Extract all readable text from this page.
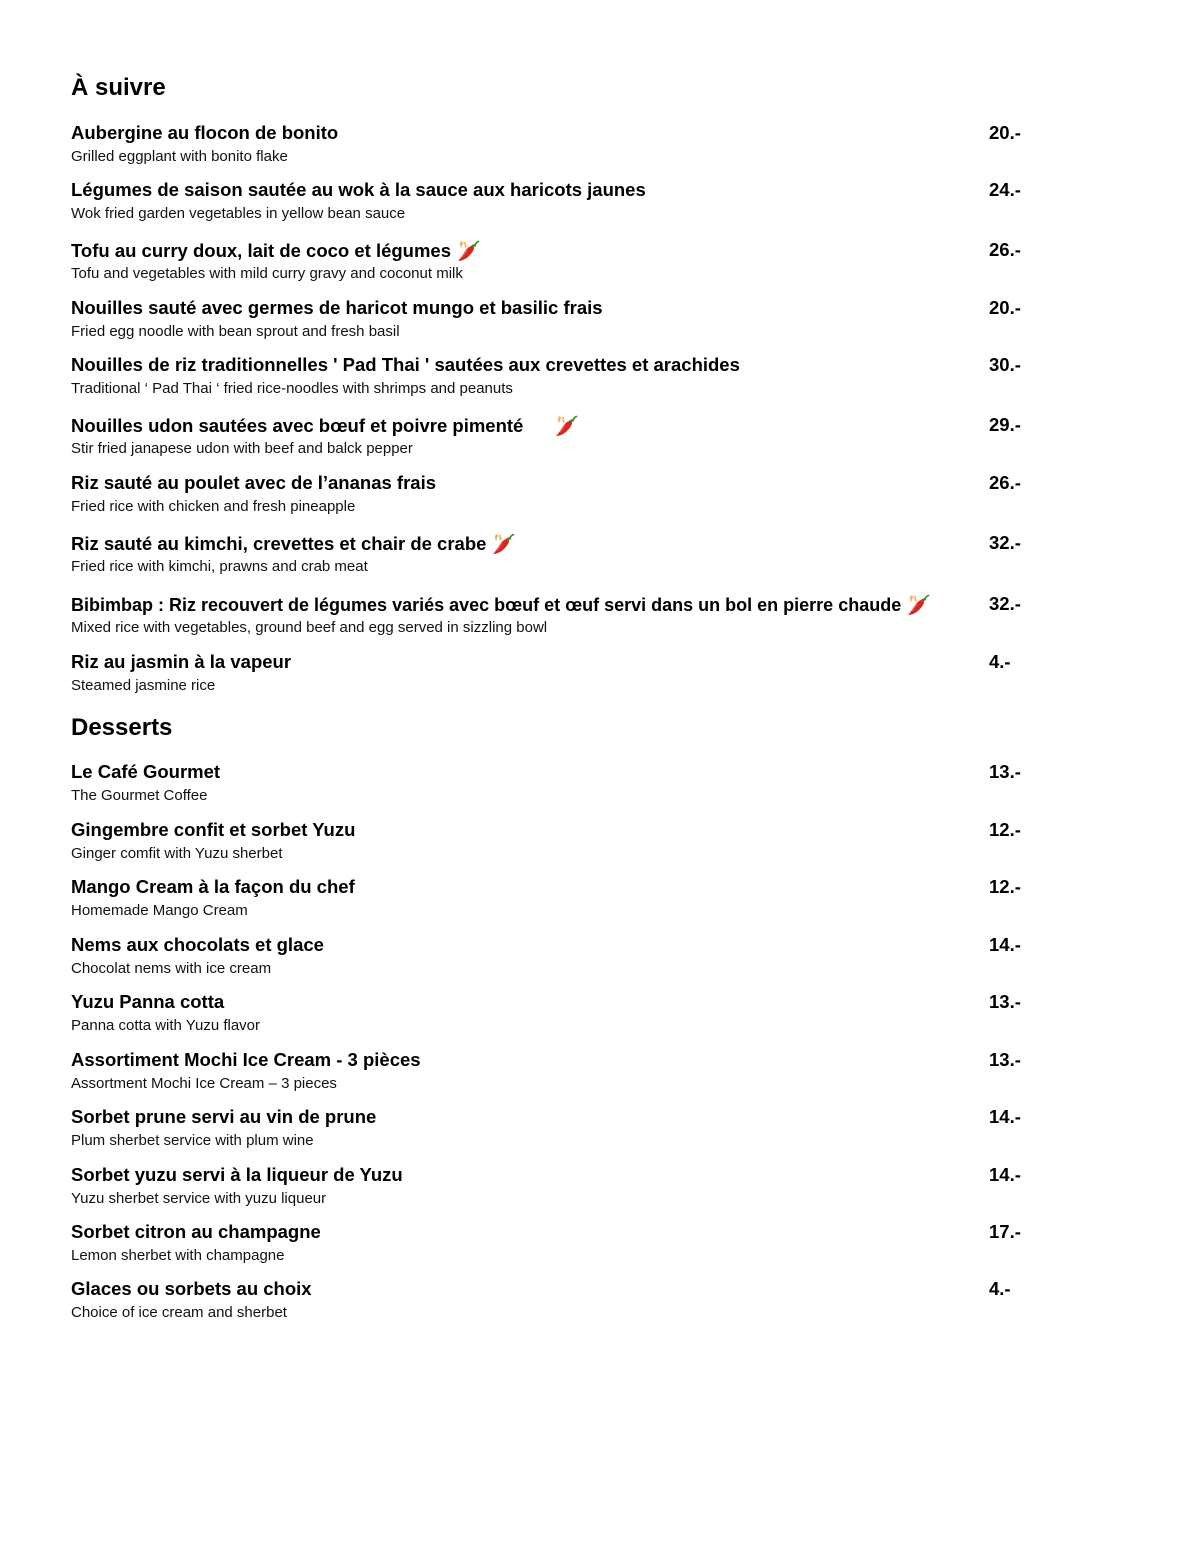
À suivre
Aubergine au flocon de bonito
Grilled eggplant with bonito flake
20.-
Légumes de saison sautée au wok à la sauce aux haricots jaunes
Wok fried garden vegetables in yellow bean sauce
24.-
Tofu au curry doux, lait de coco et légumes
Tofu and vegetables with mild curry gravy and coconut milk
26.-
Nouilles sauté avec germes de haricot mungo et basilic frais
Fried egg noodle with bean sprout and fresh basil
20.-
Nouilles de riz traditionnelles ' Pad Thai ' sautées aux crevettes et arachides
Traditional ‘ Pad Thai ‘ fried rice-noodles with shrimps and peanuts
30.-
Nouilles udon sautées avec bœuf et poivre pimenté
Stir fried janapese udon with beef and balck pepper
29.-
Riz sauté au poulet avec de l’ananas frais
Fried rice with chicken and fresh pineapple
26.-
Riz sauté au kimchi, crevettes et chair de crabe
Fried rice with kimchi, prawns and crab meat
32.-
Bibimbap : Riz recouvert de légumes variés avec bœuf et œuf servi dans un bol en pierre chaude
Mixed rice with vegetables, ground beef and egg served in sizzling bowl
32.-
Riz au jasmin à la vapeur
Steamed jasmine rice
4.-
Desserts
Le Café Gourmet
The Gourmet Coffee
13.-
Gingembre confit et sorbet Yuzu
Ginger comfit with Yuzu sherbet
12.-
Mango Cream à la façon du chef
Homemade Mango Cream
12.-
Nems aux chocolats et glace
Chocolat nems with ice cream
14.-
Yuzu Panna cotta
Panna cotta with Yuzu flavor
13.-
Assortiment Mochi Ice Cream - 3 pièces
Assortment Mochi Ice Cream – 3 pieces
13.-
Sorbet prune servi au vin de prune
Plum sherbet service with plum wine
14.-
Sorbet yuzu servi à la liqueur de Yuzu
Yuzu sherbet service with yuzu liqueur
14.-
Sorbet citron au champagne
Lemon sherbet with champagne
17.-
Glaces ou sorbets au choix
Choice of ice cream and sherbet
4.-
